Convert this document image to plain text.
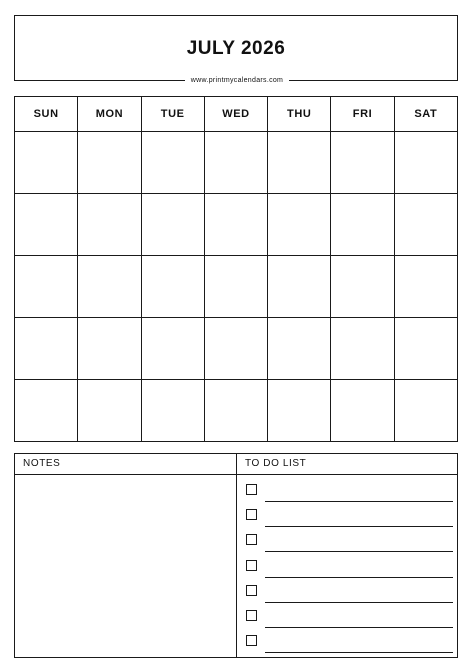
JULY 2026
www.printmycalendars.com
SUN	MON	TUE	WED	THU	FRI	SAT

NOTES	TO DO LIST
